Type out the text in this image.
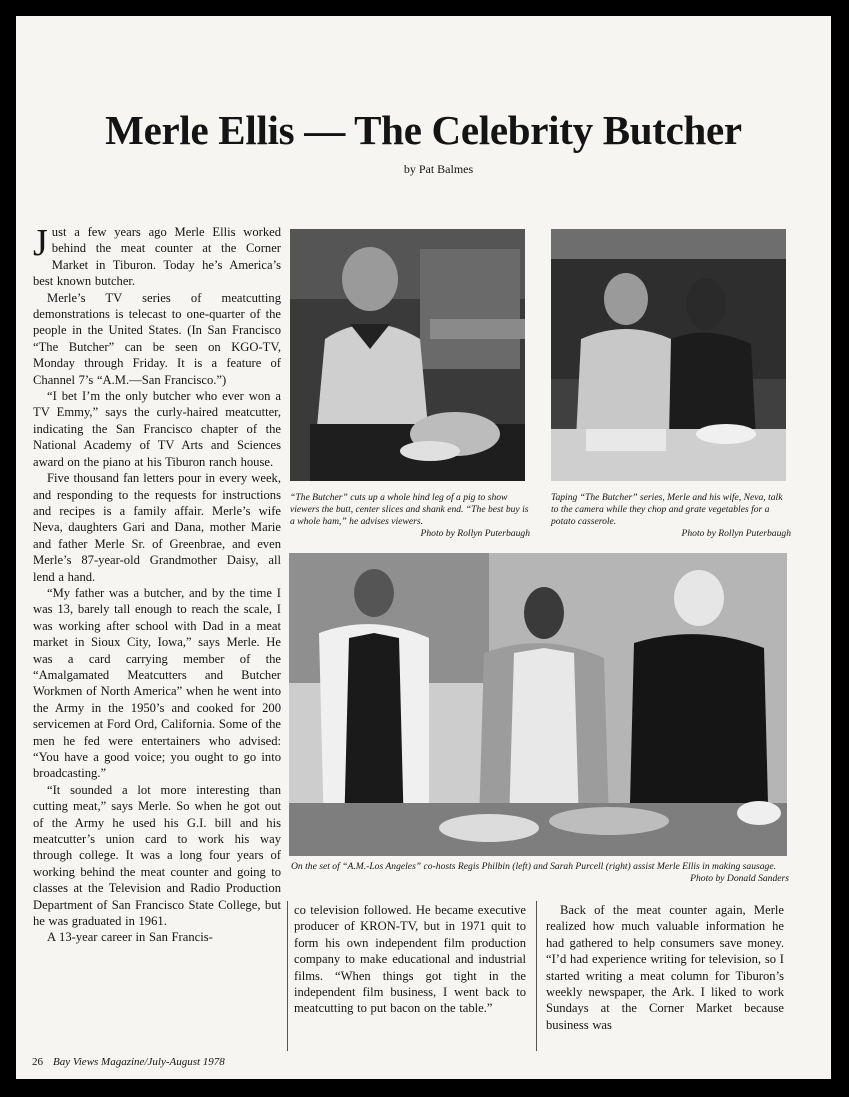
Merle Ellis — The Celebrity Butcher
by Pat Balmes

Just a few years ago Merle Ellis worked behind the meat counter at the Corner Market in Tiburon. Today he’s America’s best known butcher.

Merle’s TV series of meatcutting demonstrations is telecast to one-quarter of the people in the United States. (In San Francisco “The Butcher” can be seen on KGO-TV, Monday through Friday. It is a feature of Channel 7’s “A.M.—San Francisco.”)

“I bet I’m the only butcher who ever won a TV Emmy,” says the curly-haired meatcutter, indicating the San Francisco chapter of the National Academy of TV Arts and Sciences award on the piano at his Tiburon ranch house.

Five thousand fan letters pour in every week, and responding to the requests for instructions and recipes is a family affair. Merle’s wife Neva, daughters Gari and Dana, mother Marie and father Merle Sr. of Greenbrae, and even Merle’s 87-year-old Grandmother Daisy, all lend a hand.

“My father was a butcher, and by the time I was 13, barely tall enough to reach the scale, I was working after school with Dad in a meat market in Sioux City, Iowa,” says Merle. He was a card carrying member of the “Amalgamated Meatcutters and Butcher Workmen of North America” when he went into the Army in the 1950’s and cooked for 200 servicemen at Ford Ord, California. Some of the men he fed were entertainers who advised: “You have a good voice; you ought to go into broadcasting.”

“It sounded a lot more interesting than cutting meat,” says Merle. So when he got out of the Army he used his G.I. bill and his meatcutter’s union card to work his way through college. It was a long four years of working behind the meat counter and going to classes at the Television and Radio Production Department of San Francisco State College, but he was graduated in 1961.

A 13-year career in San Francis-

co television followed. He became executive producer of KRON-TV, but in 1971 quit to form his own independent film production company to make educational and industrial films. “When things got tight in the independent film business, I went back to meatcutting to put bacon on the table.”

Back of the meat counter again, Merle realized how much valuable information he had gathered to help consumers save money. “I’d had experience writing for television, so I started writing a meat column for Tiburon’s weekly newspaper, the Ark. I liked to work Sundays at the Corner Market because business was

“The Butcher” cuts up a whole hind leg of a pig to show viewers the butt, center slices and shank end. “The best buy is a whole ham,” he advises viewers.
Photo by Rollyn Puterbaugh
Taping “The Butcher” series, Merle and his wife, Neva, talk to the camera while they chop and grate vegetables for a potato casserole.
Photo by Rollyn Puterbaugh
On the set of “A.M.-Los Angeles” co-hosts Regis Philbin (left) and Sarah Purcell (right) assist Merle Ellis in making sausage.
Photo by Donald Sanders
26 Bay Views Magazine/July-August 1978
